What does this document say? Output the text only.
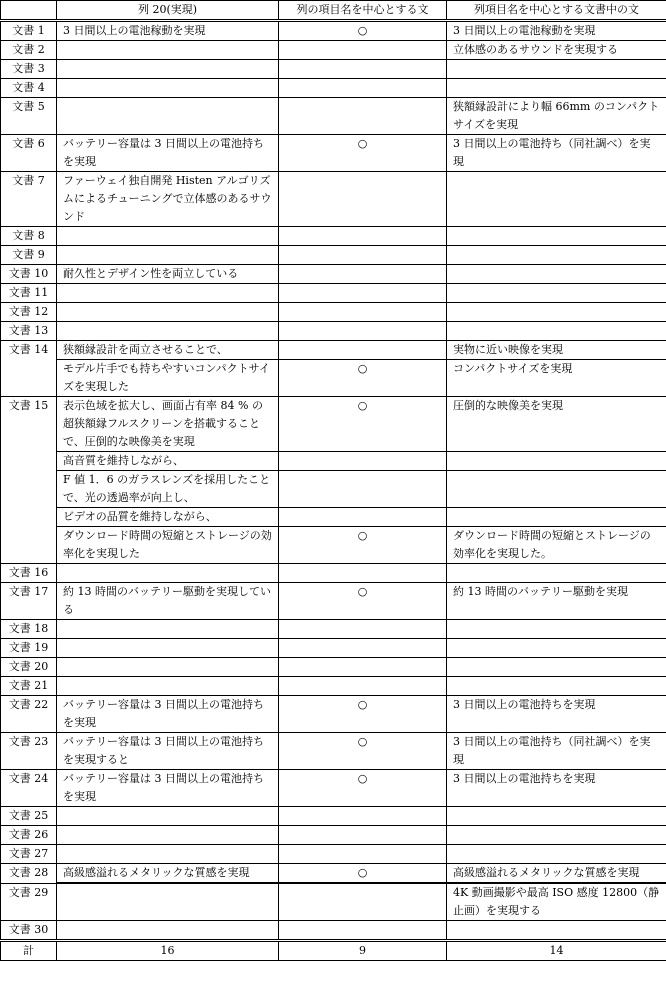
	列 20(実現)	列の項目名を中心とする文	列項目名を中心とする文書中の文
文書 1	3 日間以上の電池稼動を実現	○	3 日間以上の電池稼動を実現
文書 2			立体感のあるサウンドを実現する
文書 3			
文書 4			
文書 5			狭額縁設計により幅 66mm のコンパクトサイズを実現
文書 6	バッテリー容量は 3 日間以上の電池持ちを実現	○	3 日間以上の電池持ち（同社調べ）を実現
文書 7	ファーウェイ独自開発 Histen アルゴリズムによるチューニングで立体感のあるサウンド		
文書 8			
文書 9			
文書 10	耐久性とデザイン性を両立している		
文書 11			
文書 12			
文書 13			
文書 14	狭額縁設計を両立させることで、		実物に近い映像を実現
	モデル片手でも持ちやすいコンパクトサイズを実現した	○	コンパクトサイズを実現
文書 15	表示色域を拡大し、画面占有率 84 % の超狭額縁フルスクリーンを搭載することで、圧倒的な映像美を実現	○	圧倒的な映像美を実現
	高音質を維持しながら、		
	F 値 1．6 のガラスレンズを採用したことで、光の透過率が向上し、		
	ビデオの品質を維持しながら、		
	ダウンロード時間の短縮とストレージの効率化を実現した	○	ダウンロード時間の短縮とストレージの効率化を実現した。
文書 16			
文書 17	約 13 時間のバッテリー駆動を実現している	○	約 13 時間のバッテリー駆動を実現
文書 18			
文書 19			
文書 20			
文書 21			
文書 22	バッテリー容量は 3 日間以上の電池持ちを実現	○	3 日間以上の電池持ちを実現
文書 23	バッテリー容量は 3 日間以上の電池持ちを実現すると	○	3 日間以上の電池持ち（同社調べ）を実現
文書 24	バッテリー容量は 3 日間以上の電池持ちを実現	○	3 日間以上の電池持ちを実現
文書 25			
文書 26			
文書 27			
文書 28	高級感溢れるメタリックな質感を実現	○	高級感溢れるメタリックな質感を実現

文書 29			4K 動画撮影や最高 ISO 感度 12800（静止画）を実現する
文書 30			
計	16	9	14
